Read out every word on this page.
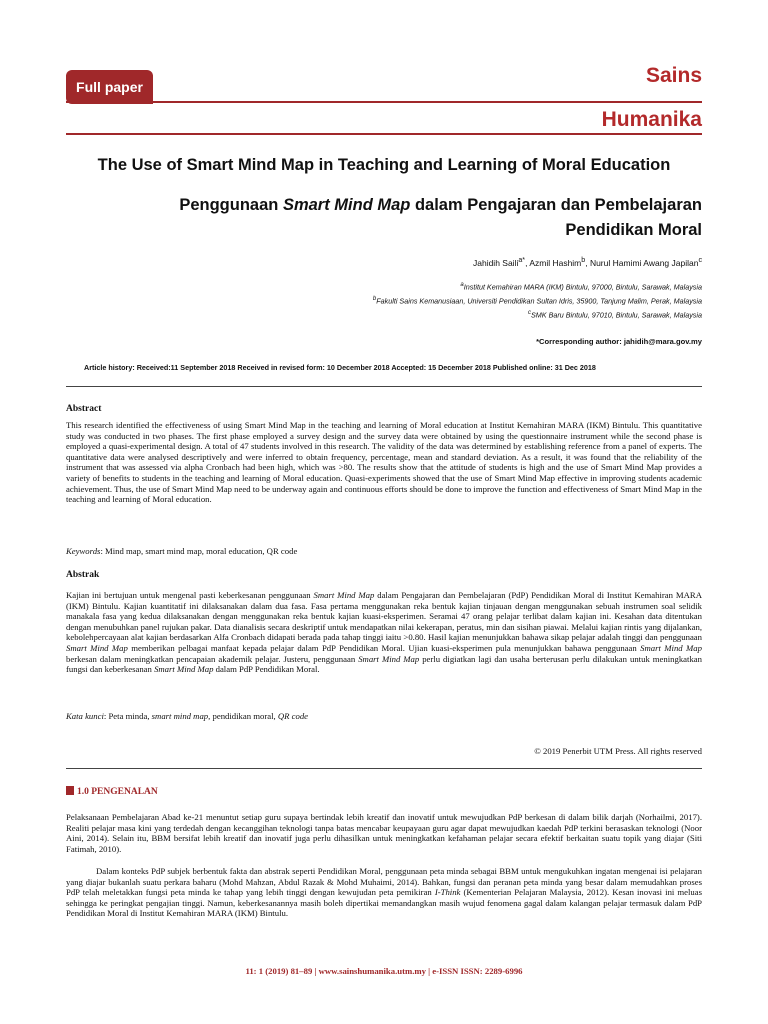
Full paper	Sains
Humanika
The Use of Smart Mind Map in Teaching and Learning of Moral Education
Penggunaan Smart Mind Map dalam Pengajaran dan Pembelajaran
Pendidikan Moral
Jahidih Saili$^{a*}$, Azmil Hashim$^b$, Nurul Hamimi Awang Japilan$^c$
$^a$Institut Kemahiran MARA (IKM) Bintulu, 97000, Bintulu, Sarawak, Malaysia
$^b$Fakulti Sains Kemanusiaan, Universiti Pendidikan Sultan Idris, 35900, Tanjung Malim, Perak, Malaysia
$^c$SMK Baru Bintulu, 97010, Bintulu, Sarawak, Malaysia
*Corresponding author: jahidih@mara.gov.my
Article history: Received:11 September 2018 Received in revised form: 10 December 2018 Accepted: 15 December 2018 Published online: 31 Dec 2018
Abstract
This research identified the effectiveness of using Smart Mind Map in the teaching and learning of Moral education at Institut Kemahiran MARA (IKM) Bintulu. This quantitative study was conducted in two phases. The first phase employed a survey design and the survey data were obtained by using the questionnaire instrument while the second phase is employed a quasi-experimental design. A total of 47 students involved in this research. The validity of the data was determined by establishing reference from a panel of experts. The quantitative data were analysed descriptively and were inferred to obtain frequency, percentage, mean and standard deviation. As a result, it was found that the reliability of the instrument that was assessed via alpha Cronbach had been high, which was >80. The results show that the attitude of students is high and the use of Smart Mind Map provides a variety of benefits to students in the teaching and learning of Moral education. Quasi-experiments showed that the use of Smart Mind Map effective in improving students academic achievement. Thus, the use of Smart Mind Map need to be underway again and continuous efforts should be done to improve the function and effectiveness of Smart Mind Map in the teaching and learning of Moral education.
Keywords: Mind map, smart mind map, moral education, QR code
Abstrak
Kajian ini bertujuan untuk mengenal pasti keberkesanan penggunaan Smart Mind Map dalam Pengajaran dan Pembelajaran (PdP) Pendidikan Moral di Institut Kemahiran MARA (IKM) Bintulu. Kajian kuantitatif ini dilaksanakan dalam dua fasa. Fasa pertama menggunakan reka bentuk kajian tinjauan dengan menggunakan sebuah instrumen soal selidik manakala fasa yang kedua dilaksanakan dengan menggunakan reka bentuk kajian kuasi-eksperimen. Seramai 47 orang pelajar terlibat dalam kajian ini. Kesahan data ditentukan dengan menubuhkan panel rujukan pakar. Data dianalisis secara deskriptif untuk mendapatkan nilai kekerapan, peratus, min dan sisihan piawai. Melalui kajian rintis yang dijalankan, kebolehpercayaan alat kajian berdasarkan Alfa Cronbach didapati berada pada tahap tinggi iaitu >0.80. Hasil kajian menunjukkan bahawa sikap pelajar adalah tinggi dan penggunaan Smart Mind Map memberikan pelbagai manfaat kepada pelajar dalam PdP Pendidikan Moral. Ujian kuasi-eksperimen pula menunjukkan bahawa penggunaan Smart Mind Map berkesan dalam meningkatkan pencapaian akademik pelajar. Justeru, penggunaan Smart Mind Map perlu digiatkan lagi dan usaha berterusan perlu dilakukan untuk meningkatkan fungsi dan keberkesanan Smart Mind Map dalam PdP Pendidikan Moral.
Kata kunci: Peta minda, smart mind map, pendidikan moral, QR code
© 2019 Penerbit UTM Press. All rights reserved
1.0 PENGENALAN
Pelaksanaan Pembelajaran Abad ke-21 menuntut setiap guru supaya bertindak lebih kreatif dan inovatif untuk mewujudkan PdP berkesan di dalam bilik darjah (Norhailmi, 2017). Realiti pelajar masa kini yang terdedah dengan kecanggihan teknologi tanpa batas mencabar keupayaan guru agar dapat mewujudkan kaedah PdP terkini berasaskan teknologi (Noor Aini, 2014). Selain itu, BBM bersifat lebih kreatif dan inovatif juga perlu dihasilkan untuk meningkatkan kefahaman pelajar secara efektif berkaitan suatu topik yang diajar (Siti Fatimah, 2010).
Dalam konteks PdP subjek berbentuk fakta dan abstrak seperti Pendidikan Moral, penggunaan peta minda sebagai BBM untuk mengukuhkan ingatan mengenai isi pelajaran yang diajar bukanlah suatu perkara baharu (Mohd Mahzan, Abdul Razak & Mohd Muhaimi, 2014). Bahkan, fungsi dan peranan peta minda yang besar dalam memudahkan proses PdP telah meletakkan fungsi peta minda ke tahap yang lebih tinggi dengan kewujudan peta pemikiran I-Think (Kementerian Pelajaran Malaysia, 2012). Kesan inovasi ini meluas sehingga ke peringkat pengajian tinggi. Namun, keberkesanannya masih boleh dipertikai memandangkan masih wujud fenomena gagal dalam kalangan pelajar termasuk dalam PdP Pendidikan Moral di Institut Kemahiran MARA (IKM) Bintulu.
11: 1 (2019) 81–89 | www.sainshumanika.utm.my | e-ISSN ISSN: 2289-6996
